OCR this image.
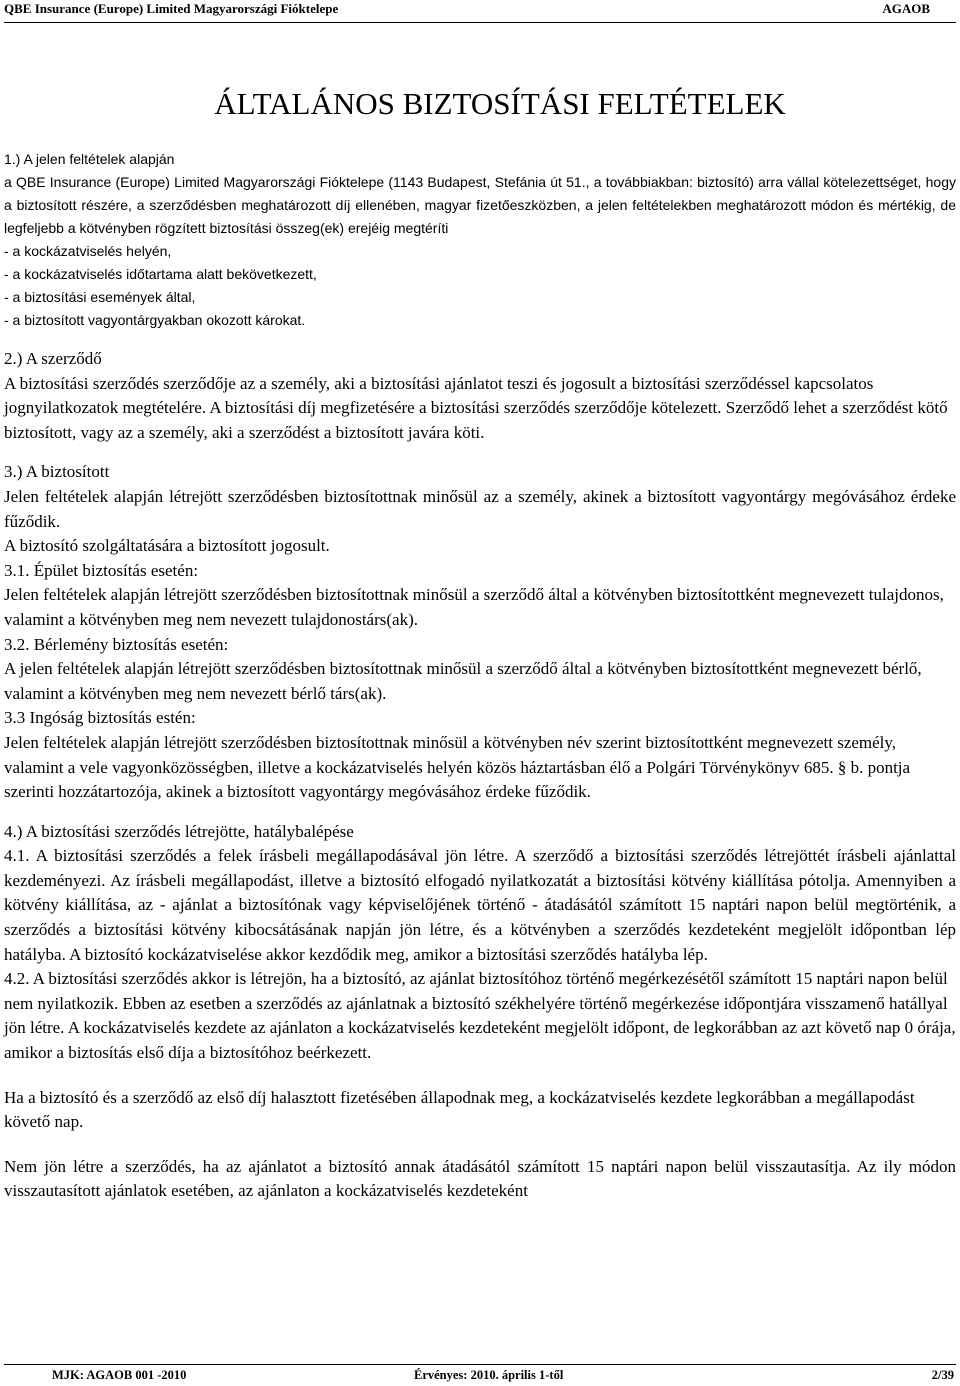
QBE Insurance (Europe) Limited Magyarországi Fióktelepe	AGAOB
ÁLTALÁNOS BIZTOSÍTÁSI FELTÉTELEK

1.) A jelen feltételek alapján

a QBE Insurance (Europe) Limited Magyarországi Fióktelepe (1143 Budapest, Stefánia út 51., a továbbiakban: biztosító) arra vállal kötelezettséget, hogy a biztosított részére, a szerződésben meghatározott díj ellenében, magyar fizetőeszközben, a jelen feltételekben meghatározott módon és mértékig, de legfeljebb a kötvényben rögzített biztosítási összeg(ek) erejéig megtéríti

- a kockázatviselés helyén,

- a kockázatviselés időtartama alatt bekövetkezett,

- a biztosítási események által,

- a biztosított vagyontárgyakban okozott károkat.

2.) A szerződő

A biztosítási szerződés szerződője az a személy, aki a biztosítási ajánlatot teszi és jogosult a biztosítási szerződéssel kapcsolatos jognyilatkozatok megtételére. A biztosítási díj megfizetésére a biztosítási szerződés szerződője kötelezett. Szerződő lehet a szerződést kötő biztosított, vagy az a személy, aki a szerződést a biztosított javára köti.

3.) A biztosított

Jelen feltételek alapján létrejött szerződésben biztosítottnak minősül az a személy, akinek a biztosított vagyontárgy megóvásához érdeke fűződik.

A biztosító szolgáltatására a biztosított jogosult.

3.1. Épület biztosítás esetén:

Jelen feltételek alapján létrejött szerződésben biztosítottnak minősül a szerződő által a kötvényben biztosítottként megnevezett tulajdonos, valamint a kötvényben meg nem nevezett tulajdonostárs(ak).

3.2. Bérlemény biztosítás esetén:

A jelen feltételek alapján létrejött szerződésben biztosítottnak minősül a szerződő által a kötvényben biztosítottként megnevezett bérlő, valamint a kötvényben meg nem nevezett bérlő társ(ak).

3.3 Ingóság biztosítás estén:

Jelen feltételek alapján létrejött szerződésben biztosítottnak minősül a kötvényben név szerint biztosítottként megnevezett személy, valamint a vele vagyonközösségben, illetve a kockázatviselés helyén közös háztartásban élő a Polgári Törvénykönyv 685. § b. pontja szerinti hozzátartozója, akinek a biztosított vagyontárgy megóvásához érdeke fűződik.

4.) A biztosítási szerződés létrejötte, hatálybalépése

4.1. A biztosítási szerződés a felek írásbeli megállapodásával jön létre. A szerződő a biztosítási szerződés létrejöttét írásbeli ajánlattal kezdeményezi. Az írásbeli megállapodást, illetve a biztosító elfogadó nyilatkozatát a biztosítási kötvény kiállítása pótolja. Amennyiben a kötvény kiállítása, az - ajánlat a biztosítónak vagy képviselőjének történő - átadásától számított 15 naptári napon belül megtörténik, a szerződés a biztosítási kötvény kibocsátásának napján jön létre, és a kötvényben a szerződés kezdeteként megjelölt időpontban lép hatályba. A biztosító kockázatviselése akkor kezdődik meg, amikor a biztosítási szerződés hatályba lép.

4.2. A biztosítási szerződés akkor is létrejön, ha a biztosító, az ajánlat biztosítóhoz történő megérkezésétől számított 15 naptári napon belül nem nyilatkozik. Ebben az esetben a szerződés az ajánlatnak a biztosító székhelyére történő megérkezése időpontjára visszamenő hatállyal jön létre. A kockázatviselés kezdete az ajánlaton a kockázatviselés kezdeteként megjelölt időpont, de legkorábban az azt követő nap 0 órája, amikor a biztosítás első díja a biztosítóhoz beérkezett.

Ha a biztosító és a szerződő az első díj halasztott fizetésében állapodnak meg, a kockázatviselés kezdete legkorábban a megállapodást követő nap.

Nem jön létre a szerződés, ha az ajánlatot a biztosító annak átadásától számított 15 naptári napon belül visszautasítja. Az ily módon visszautasított ajánlatok esetében, az ajánlaton a kockázatviselés kezdeteként

MJK: AGAOB 001 -2010	Érvényes: 2010. április 1-től	2/39
